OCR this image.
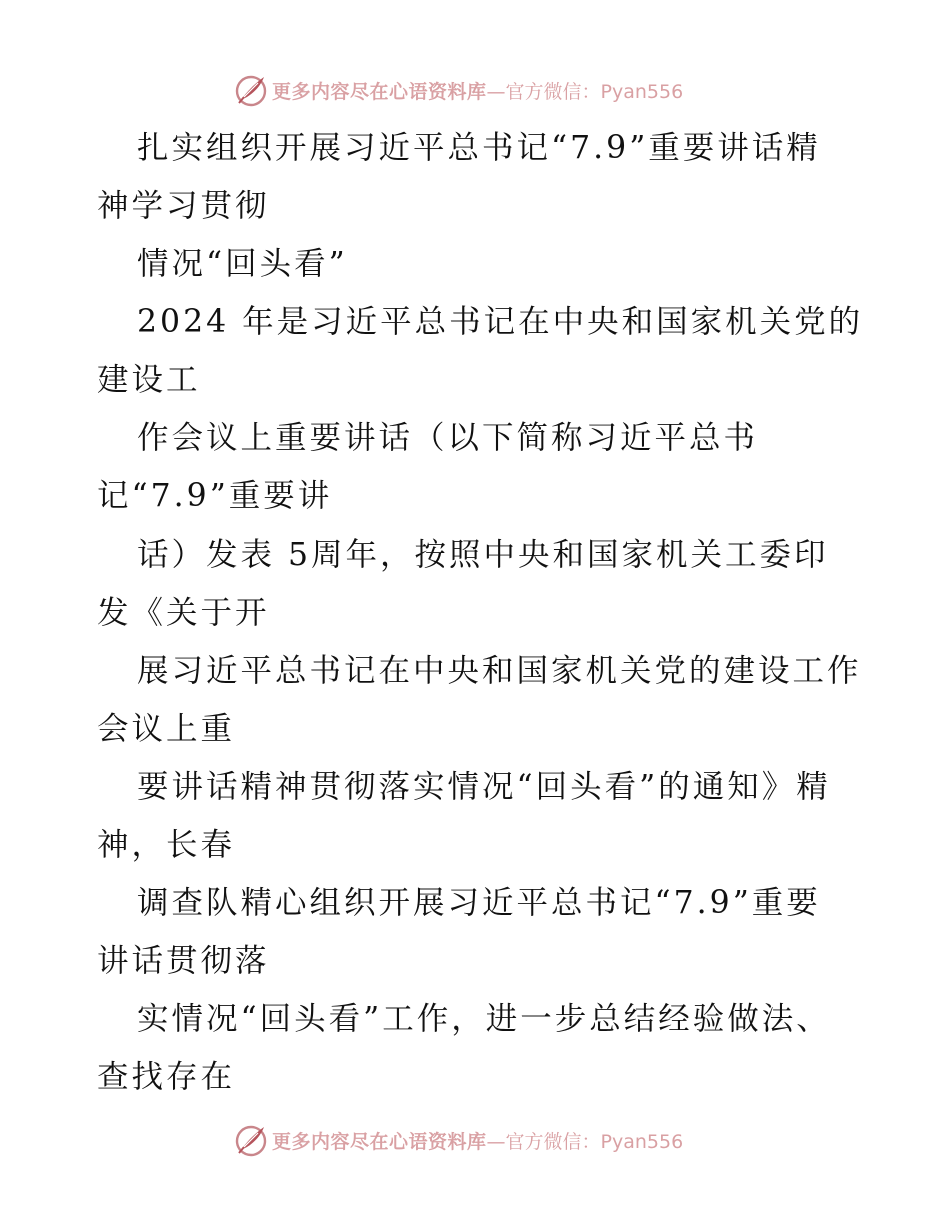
更多内容尽在心语资料库 —官方微信：Pyan556
扎实组织开展习近平总书记“7.9”重要讲话精
神学习贯彻
情况“回头看”
2024 年是习近平总书记在中央和国家机关党的
建设工
作会议上重要讲话（以下简称习近平总书
记“7.9”重要讲
话）发表 5周年，按照中央和国家机关工委印
发《关于开
展习近平总书记在中央和国家机关党的建设工作
会议上重
要讲话精神贯彻落实情况“回头看”的通知》精
神，长春
调查队精心组织开展习近平总书记“7.9”重要
讲话贯彻落
实情况“回头看”工作，进一步总结经验做法、
查找存在
更多内容尽在心语资料库 —官方微信：Pyan556
